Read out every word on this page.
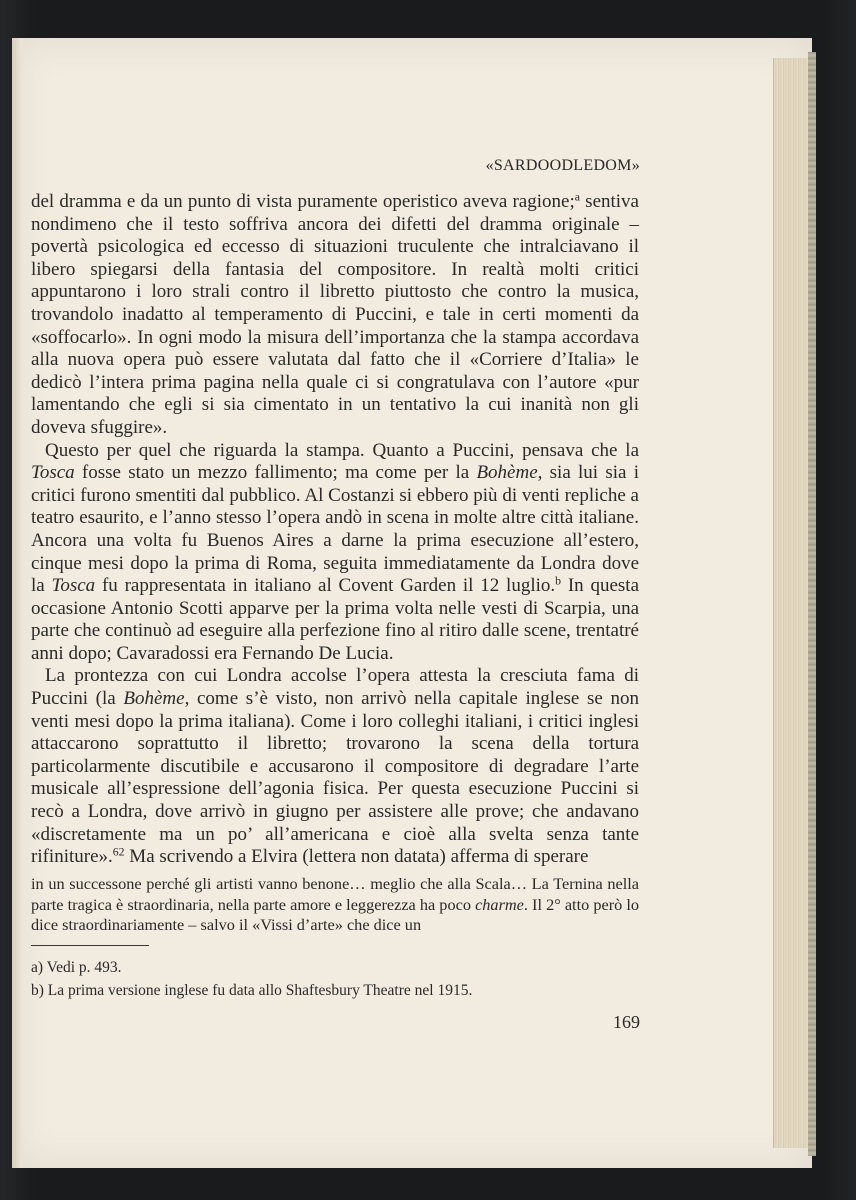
«SARDOODLEDOM»

del dramma e da un punto di vista puramente operistico aveva ragione;$^a$ sentiva nondimeno che il testo soffriva ancora dei difetti del dramma originale – povertà psicologica ed eccesso di situazioni truculente che intralciavano il libero spiegarsi della fantasia del compositore. In realtà molti critici appuntarono i loro strali contro il libretto piuttosto che contro la musica, trovandolo inadatto al temperamento di Puccini, e tale in certi momenti da «soffocarlo». In ogni modo la misura dell’importanza che la stampa accordava alla nuova opera può essere valutata dal fatto che il «Corriere d’Italia» le dedicò l’intera prima pagina nella quale ci si congratulava con l’autore «pur lamentando che egli si sia cimentato in un tentativo la cui inanità non gli doveva sfuggire».

Questo per quel che riguarda la stampa. Quanto a Puccini, pensava che la Tosca fosse stato un mezzo fallimento; ma come per la Bohème, sia lui sia i critici furono smentiti dal pubblico. Al Costanzi si ebbero più di venti repliche a teatro esaurito, e l’anno stesso l’opera andò in scena in molte altre città italiane. Ancora una volta fu Buenos Aires a darne la prima esecuzione all’estero, cinque mesi dopo la prima di Roma, seguita immediatamente da Londra dove la Tosca fu rappresentata in italiano al Covent Garden il 12 luglio.$^b$ In questa occasione Antonio Scotti apparve per la prima volta nelle vesti di Scarpia, una parte che continuò ad eseguire alla perfezione fino al ritiro dalle scene, trentatré anni dopo; Cavaradossi era Fernando De Lucia.

La prontezza con cui Londra accolse l’opera attesta la cresciuta fama di Puccini (la Bohème, come s’è visto, non arrivò nella capitale inglese se non venti mesi dopo la prima italiana). Come i loro colleghi italiani, i critici inglesi attaccarono soprattutto il libretto; trovarono la scena della tortura particolarmente discutibile e accusarono il compositore di degradare l’arte musicale all’espressione dell’agonia fisica. Per questa esecuzione Puccini si recò a Londra, dove arrivò in giugno per assistere alle prove; che andavano «discretamente ma un po’ all’americana e cioè alla svelta senza tante rifiniture».$^{62}$ Ma scrivendo a Elvira (lettera non datata) afferma di sperare

in un successone perché gli artisti vanno benone… meglio che alla Scala… La Ternina nella parte tragica è straordinaria, nella parte amore e leggerezza ha poco charme. Il 2° atto però lo dice straordinariamente – salvo il «Vissi d’arte» che dice un
a) Vedi p. 493.
b) La prima versione inglese fu data allo Shaftesbury Theatre nel 1915.
169
